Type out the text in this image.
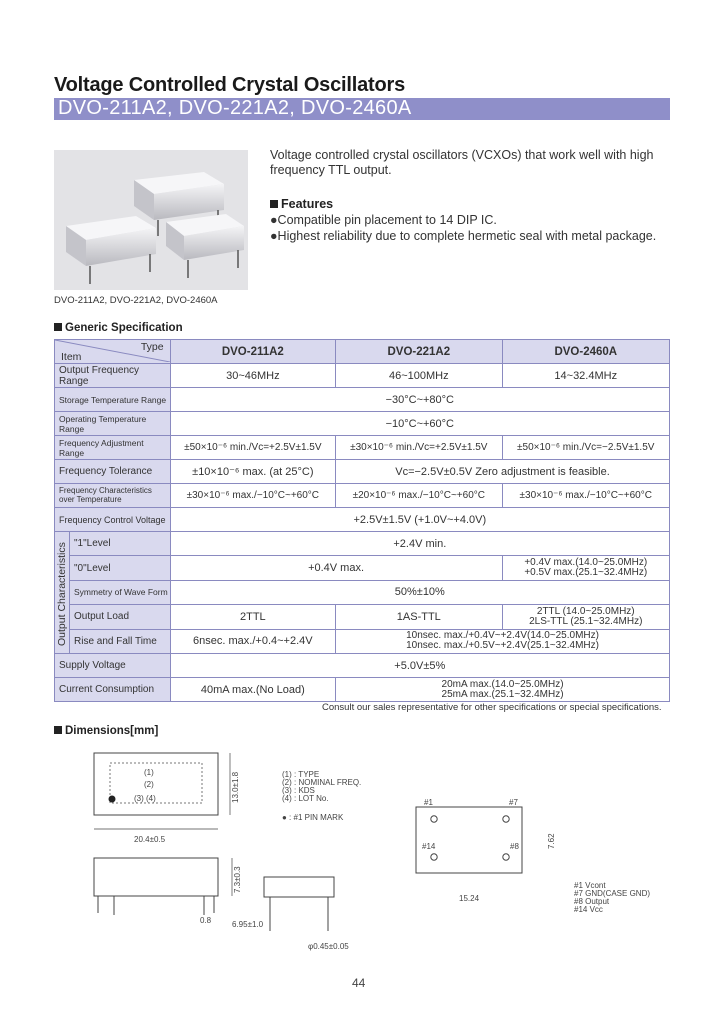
Voltage Controlled Crystal Oscillators
DVO-211A2, DVO-221A2, DVO-2460A
DVO-211A2, DVO-221A2, DVO-2460A
Voltage controlled crystal oscillators (VCXOs) that work well with high frequency TTL output.
Features
●Compatible pin placement to 14 DIP IC.
●Highest reliability due to complete hermetic seal with metal package.
Generic Specification
Type
Item		DVO-211A2	DVO-221A2	DVO-2460A
Output Frequency Range		30~46MHz	46~100MHz	14~32.4MHz
Storage Temperature Range		−30°C~+80°C		
Operating Temperature Range		−10°C~+60°C		
Frequency Adjustment Range		±50×10⁻⁶ min./Vc=+2.5V±1.5V	±30×10⁻⁶ min./Vc=+2.5V±1.5V	±50×10⁻⁶ min./Vc=−2.5V±1.5V
Frequency Tolerance		±10×10⁻⁶ max. (at 25°C)	Vc=−2.5V±0.5V Zero adjustment is feasible.	

Frequency Characteristics
over Temperature		±30×10⁻⁶ max./−10°C~+60°C	±20×10⁻⁶ max./−10°C~+60°C	±30×10⁻⁶ max./−10°C~+60°C
Frequency Control Voltage		+2.5V±1.5V (+1.0V~+4.0V)		

Output Characteristics	"1"Level	+2.4V min.		
	"0"Level	+0.4V max.		+0.4V max.(14.0~25.0MHz)
+0.5V max.(25.1~32.4MHz)

	Symmetry of Wave Form	50%±10%		
	Output Load	2TTL	1AS-TTL	2TTL (14.0~25.0MHz)
2LS-TTL (25.1~32.4MHz)

	Rise and Fall Time	6nsec. max./+0.4~+2.4V	10nsec. max./+0.4V~+2.4V(14.0~25.0MHz)
10nsec. max./+0.5V~+2.4V(25.1~32.4MHz)	

Supply Voltage		+5.0V±5%		
Current Consumption		40mA max.(No Load)	20mA max.(14.0~25.0MHz)
25mA max.(25.1~32.4MHz)	
Consult our sales representative for other specifications or special specifications.
Dimensions[mm]
(1)
(2)
(3) (4)	13.0±1.8
20.4±0.5
(1) : TYPE
(2) : NOMINAL FREQ.
(3) : KDS
(4) : LOT No.
● : #1 PIN MARK
7.3±0.3
0.8	6.95±1.0
φ0.45±0.05
#1	#7
#14	#8	7.62
15.24
#1 Vcont
#7 GND(CASE GND)
#8 Output
#14 Vcc
44
